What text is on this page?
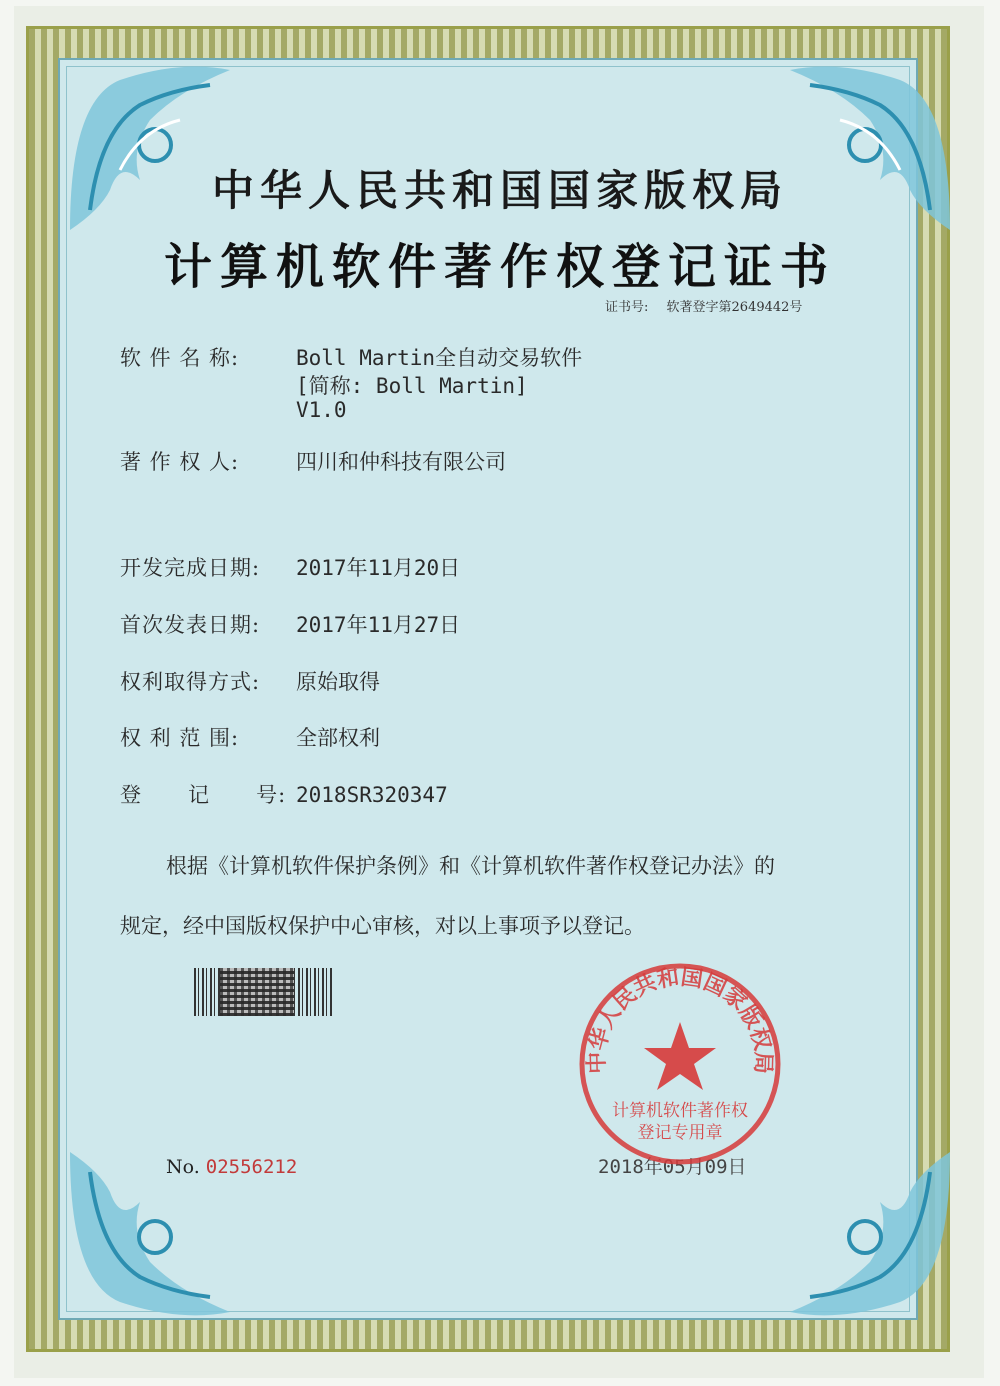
中华人民共和国国家版权局
计算机软件著作权登记证书
证书号: 软著登字第2649442号
软 件 名 称:	Boll Martin全自动交易软件
[简称: Boll Martin]
V1.0
著 作 权 人:	四川和仲科技有限公司
开发完成日期: 2017年11月20日
首次发表日期: 2017年11月27日
权利取得方式: 原始取得
权 利 范 围:	全部权利
登      记      号: 2018SR320347
根据《计算机软件保护条例》和《计算机软件著作权登记办法》的
规定，经中国版权保护中心审核，对以上事项予以登记。
No. 02556212	2018年05月09日
中华人民共和国国家版权局
计算机软件著作权
登记专用章
